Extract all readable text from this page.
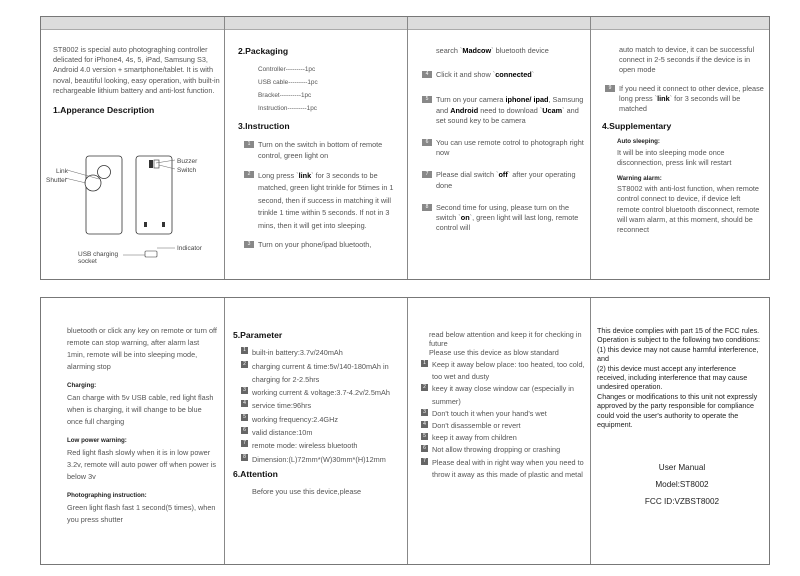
ST8002 is special auto photograghing controller delicated for iPhone4, 4s, 5, iPad, Samsung S3, Android 4.0 version + smartphone/tablet. It is with noval, beautiful looking, easy operation, with built-in rechargeable lithium battery and anti-lost function.

1.Apperance Description

Link
Shutter
Buzzer
Switch
Indicator
USB charging socket

2.Packaging

Controller---------1pc

USB cable---------1pc

Bracket----------1pc

Instruction---------1pc

3.Instruction

1	Turn on the switch in bottom of remote control, green light on
2	Long press `link` for 3 seconds to be matched, green light trinkle for 5times in 1 second, then if success in matching it will trinkle 1 time within 5 seconds. If not in 3 mins, then it will get into sleeping.
3	Turn on your phone/ipad bluetooth,
search `Madcow` bluetooth device
4	Click it and show `connected`
5	Turn on your camera iphone/ ipad, Samsung and Android need to download `Ucam` and set sound key to be camera
6	You can use remote cotrol to photograph right now
7	Please dial switch `off` after your operating done
8	Second time for using, please turn on the switch `on`, green light will last long, remote control will
auto match to device, it can be successful connect in 2-5 seconds if the device is in open mode
9	If you need it connect to other device, please long press `link` for 3 seconds will be matched

4.Supplementary

Auto sleeping:

It will be into sleeping mode once disconnection, press link will restart

Warning alarm:

ST8002 with anti-lost function, when remote control connect to device, if device left remote control bluetooth disconnect, remote will warn alarm, at this moment, should be reconnect

bluetooth or click any key on remote or turn off remote can stop warning, after alarm last 1min, remote will be into sleeping mode, alarming stop

Charging:

Can charge with 5v USB cable, red light flash when is charging, it will change to be blue once full charging

Low power warning:

Red light flash slowly when it is in low power 3.2v, remote will auto power off when power is below 3v

Photographing instruction:

Green light flash fast 1 second(5 times), when you press shutter

5.Parameter

1 built-in battery:3.7v/240mAh
2 charging current & time:5v/140-180mAh in charging for 2-2.5hrs
3 working current & voltage:3.7-4.2v/2.5mAh
4 service time:96hrs
5 working frequency:2.4GHz
6 valid distance:10m
7 remote mode: wireless bluetooth
8 Dimension:(L)72mm*(W)30mm*(H)12mm

6.Attention

Before you use this device,please

read below attention and keep it for checking in future

Please use this device as blow standard

1 Keep it away below place: too heated, too cold, too wet and dusty
2 keey it away close window car (especially in summer)
3 Don't touch it when your hand's wet
4 Don't disassemble or revert
5 keep it away from children
6 Not allow throwing dropping or crashing
7 Please deal with in right way when you need to throw it away as this made of plastic and metal

This device complies with part 15 of the FCC rules. Operation is subject to the following two conditions:
(1) this device may not cause harmful interference, and
(2) this device must accept any interference received, including interference that may cause undesired operation.
Changes or modifications to this unit not expressly approved by the party responsible for compliance could void the user's authority to operate the equipment.

User Manual

Model:ST8002

FCC ID:VZBST8002
